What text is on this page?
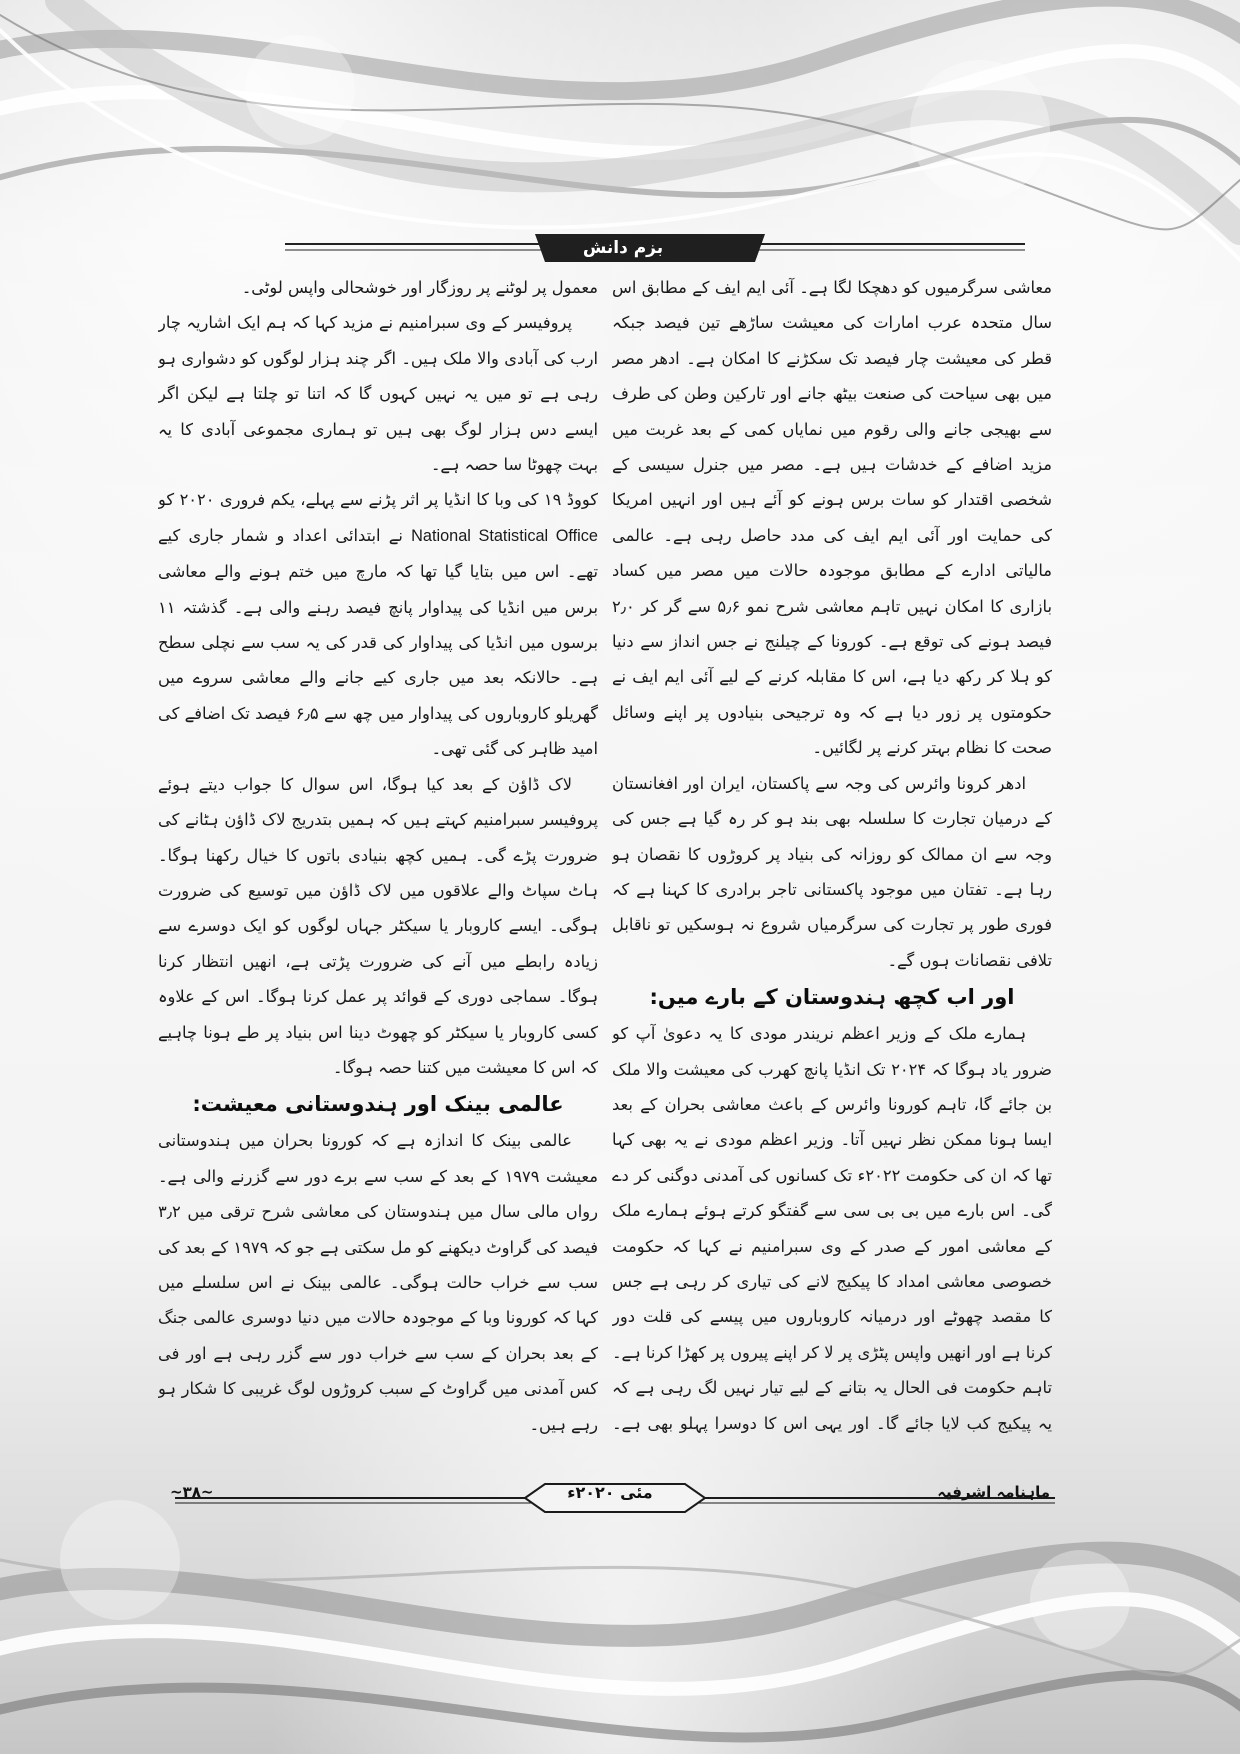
بزم دانش

معاشی سرگرمیوں کو دھچکا لگا ہے۔ آئی ایم ایف کے مطابق اس سال متحدہ عرب امارات کی معیشت ساڑھے تین فیصد جبکہ قطر کی معیشت چار فیصد تک سکڑنے کا امکان ہے۔ ادھر مصر میں بھی سیاحت کی صنعت بیٹھ جانے اور تارکین وطن کی طرف سے بھیجی جانے والی رقوم میں نمایاں کمی کے بعد غربت میں مزید اضافے کے خدشات ہیں ہے۔ مصر میں جنرل سیسی کے شخصی اقتدار کو سات برس ہونے کو آئے ہیں اور انہیں امریکا کی حمایت اور آئی ایم ایف کی مدد حاصل رہی ہے۔ عالمی مالیاتی ادارے کے مطابق موجودہ حالات میں مصر میں کساد بازاری کا امکان نہیں تاہم معاشی شرح نمو ۵٫۶ سے گر کر ۲٫۰ فیصد ہونے کی توقع ہے۔ کورونا کے چیلنج نے جس انداز سے دنیا کو ہلا کر رکھ دیا ہے، اس کا مقابلہ کرنے کے لیے آئی ایم ایف نے حکومتوں پر زور دیا ہے کہ وہ ترجیحی بنیادوں پر اپنے وسائل صحت کا نظام بہتر کرنے پر لگائیں۔

ادھر کرونا وائرس کی وجہ سے پاکستان، ایران اور افغانستان کے درمیان تجارت کا سلسلہ بھی بند ہو کر رہ گیا ہے جس کی وجہ سے ان ممالک کو روزانہ کی بنیاد پر کروڑوں کا نقصان ہو رہا ہے۔ تفتان میں موجود پاکستانی تاجر برادری کا کہنا ہے کہ فوری طور پر تجارت کی سرگرمیاں شروع نہ ہوسکیں تو ناقابل تلافی نقصانات ہوں گے۔

اور اب کچھ ہندوستان کے بارے میں:

ہمارے ملک کے وزیر اعظم نریندر مودی کا یہ دعویٰ آپ کو ضرور یاد ہوگا کہ ۲۰۲۴ تک انڈیا پانچ کھرب کی معیشت والا ملک بن جائے گا، تاہم کورونا وائرس کے باعث معاشی بحران کے بعد ایسا ہونا ممکن نظر نہیں آتا۔ وزیر اعظم مودی نے یہ بھی کہا تھا کہ ان کی حکومت ۲۰۲۲ء تک کسانوں کی آمدنی دوگنی کر دے گی۔ اس بارے میں بی بی سی سے گفتگو کرتے ہوئے ہمارے ملک کے معاشی امور کے صدر کے وی سبرامنیم نے کہا کہ حکومت خصوصی معاشی امداد کا پیکیج لانے کی تیاری کر رہی ہے جس کا مقصد چھوٹے اور درمیانہ کاروباروں میں پیسے کی قلت دور کرنا ہے اور انھیں واپس پٹڑی پر لا کر اپنے پیروں پر کھڑا کرنا ہے۔ تاہم حکومت فی الحال یہ بتانے کے لیے تیار نہیں لگ رہی ہے کہ یہ پیکیج کب لایا جائے گا۔ اور یہی اس کا دوسرا پہلو بھی ہے۔

معمول پر لوٹنے پر روزگار اور خوشحالی واپس لوٹی۔

پروفیسر کے وی سبرامنیم نے مزید کہا کہ ہم ایک اشاریہ چار ارب کی آبادی والا ملک ہیں۔ اگر چند ہزار لوگوں کو دشواری ہو رہی ہے تو میں یہ نہیں کہوں گا کہ اتنا تو چلتا ہے لیکن اگر ایسے دس ہزار لوگ بھی ہیں تو ہماری مجموعی آبادی کا یہ بہت چھوٹا سا حصہ ہے۔

کووڈ ۱۹ کی وبا کا انڈیا پر اثر پڑنے سے پہلے، یکم فروری ۲۰۲۰ کو National Statistical Office نے ابتدائی اعداد و شمار جاری کیے تھے۔ اس میں بتایا گیا تھا کہ مارچ میں ختم ہونے والے معاشی برس میں انڈیا کی پیداوار پانچ فیصد رہنے والی ہے۔ گذشتہ ۱۱ برسوں میں انڈیا کی پیداوار کی قدر کی یہ سب سے نچلی سطح ہے۔ حالانکہ بعد میں جاری کیے جانے والے معاشی سروے میں گھریلو کاروباروں کی پیداوار میں چھ سے ۶٫۵ فیصد تک اضافے کی امید ظاہر کی گئی تھی۔

لاک ڈاؤن کے بعد کیا ہوگا، اس سوال کا جواب دیتے ہوئے پروفیسر سبرامنیم کہتے ہیں کہ ہمیں بتدریج لاک ڈاؤن ہٹانے کی ضرورت پڑے گی۔ ہمیں کچھ بنیادی باتوں کا خیال رکھنا ہوگا۔ ہاٹ سپاٹ والے علاقوں میں لاک ڈاؤن میں توسیع کی ضرورت ہوگی۔ ایسے کاروبار یا سیکٹر جہاں لوگوں کو ایک دوسرے سے زیادہ رابطے میں آنے کی ضرورت پڑتی ہے، انھیں انتظار کرنا ہوگا۔ سماجی دوری کے قوائد پر عمل کرنا ہوگا۔ اس کے علاوہ کسی کاروبار یا سیکٹر کو چھوٹ دینا اس بنیاد پر طے ہونا چاہیے کہ اس کا معیشت میں کتنا حصہ ہوگا۔

عالمی بینک اور ہندوستانی معیشت:

عالمی بینک کا اندازہ ہے کہ کورونا بحران میں ہندوستانی معیشت ۱۹۷۹ کے بعد کے سب سے برے دور سے گزرنے والی ہے۔ رواں مالی سال میں ہندوستان کی معاشی شرح ترقی میں ۳٫۲ فیصد کی گراوٹ دیکھنے کو مل سکتی ہے جو کہ ۱۹۷۹ کے بعد کی سب سے خراب حالت ہوگی۔ عالمی بینک نے اس سلسلے میں کہا کہ کورونا وبا کے موجودہ حالات میں دنیا دوسری عالمی جنگ کے بعد بحران کے سب سے خراب دور سے گزر رہی ہے اور فی کس آمدنی میں گراوٹ کے سبب کروڑوں لوگ غریبی کا شکار ہو رہے ہیں۔

ماہنامہ اشرفیہ
مئی ۲۰۲۰ء
~۳۸~
